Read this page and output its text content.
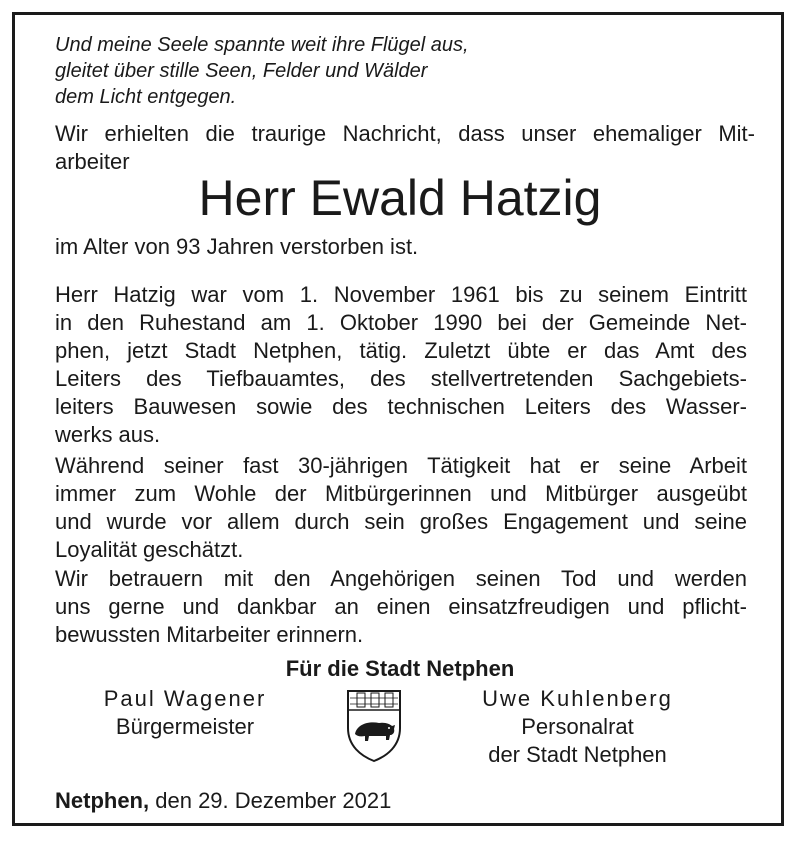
Und meine Seele spannte weit ihre Flügel aus,
gleitet über stille Seen, Felder und Wälder
dem Licht entgegen.
Wir erhielten die traurige Nachricht, dass unser ehemaliger Mit-
arbeiter
Herr Ewald Hatzig
im Alter von 93 Jahren verstorben ist.
Herr Hatzig war vom 1. November 1961 bis zu seinem Eintritt
in den Ruhestand am 1. Oktober 1990 bei der Gemeinde Net-
phen, jetzt Stadt Netphen, tätig. Zuletzt übte er das Amt des
Leiters des Tiefbauamtes, des stellvertretenden Sachgebiets-
leiters Bauwesen sowie des technischen Leiters des Wasser-
werks aus.
Während seiner fast 30-jährigen Tätigkeit hat er seine Arbeit
immer zum Wohle der Mitbürgerinnen und Mitbürger ausgeübt
und wurde vor allem durch sein großes Engagement und seine
Loyalität geschätzt.
Wir betrauern mit den Angehörigen seinen Tod und werden
uns gerne und dankbar an einen einsatzfreudigen und pflicht-
bewussten Mitarbeiter erinnern.
Für die Stadt Netphen
Paul Wagener
Bürgermeister
Uwe Kuhlenberg
Personalrat
der Stadt Netphen
Netphen, den 29. Dezember 2021
